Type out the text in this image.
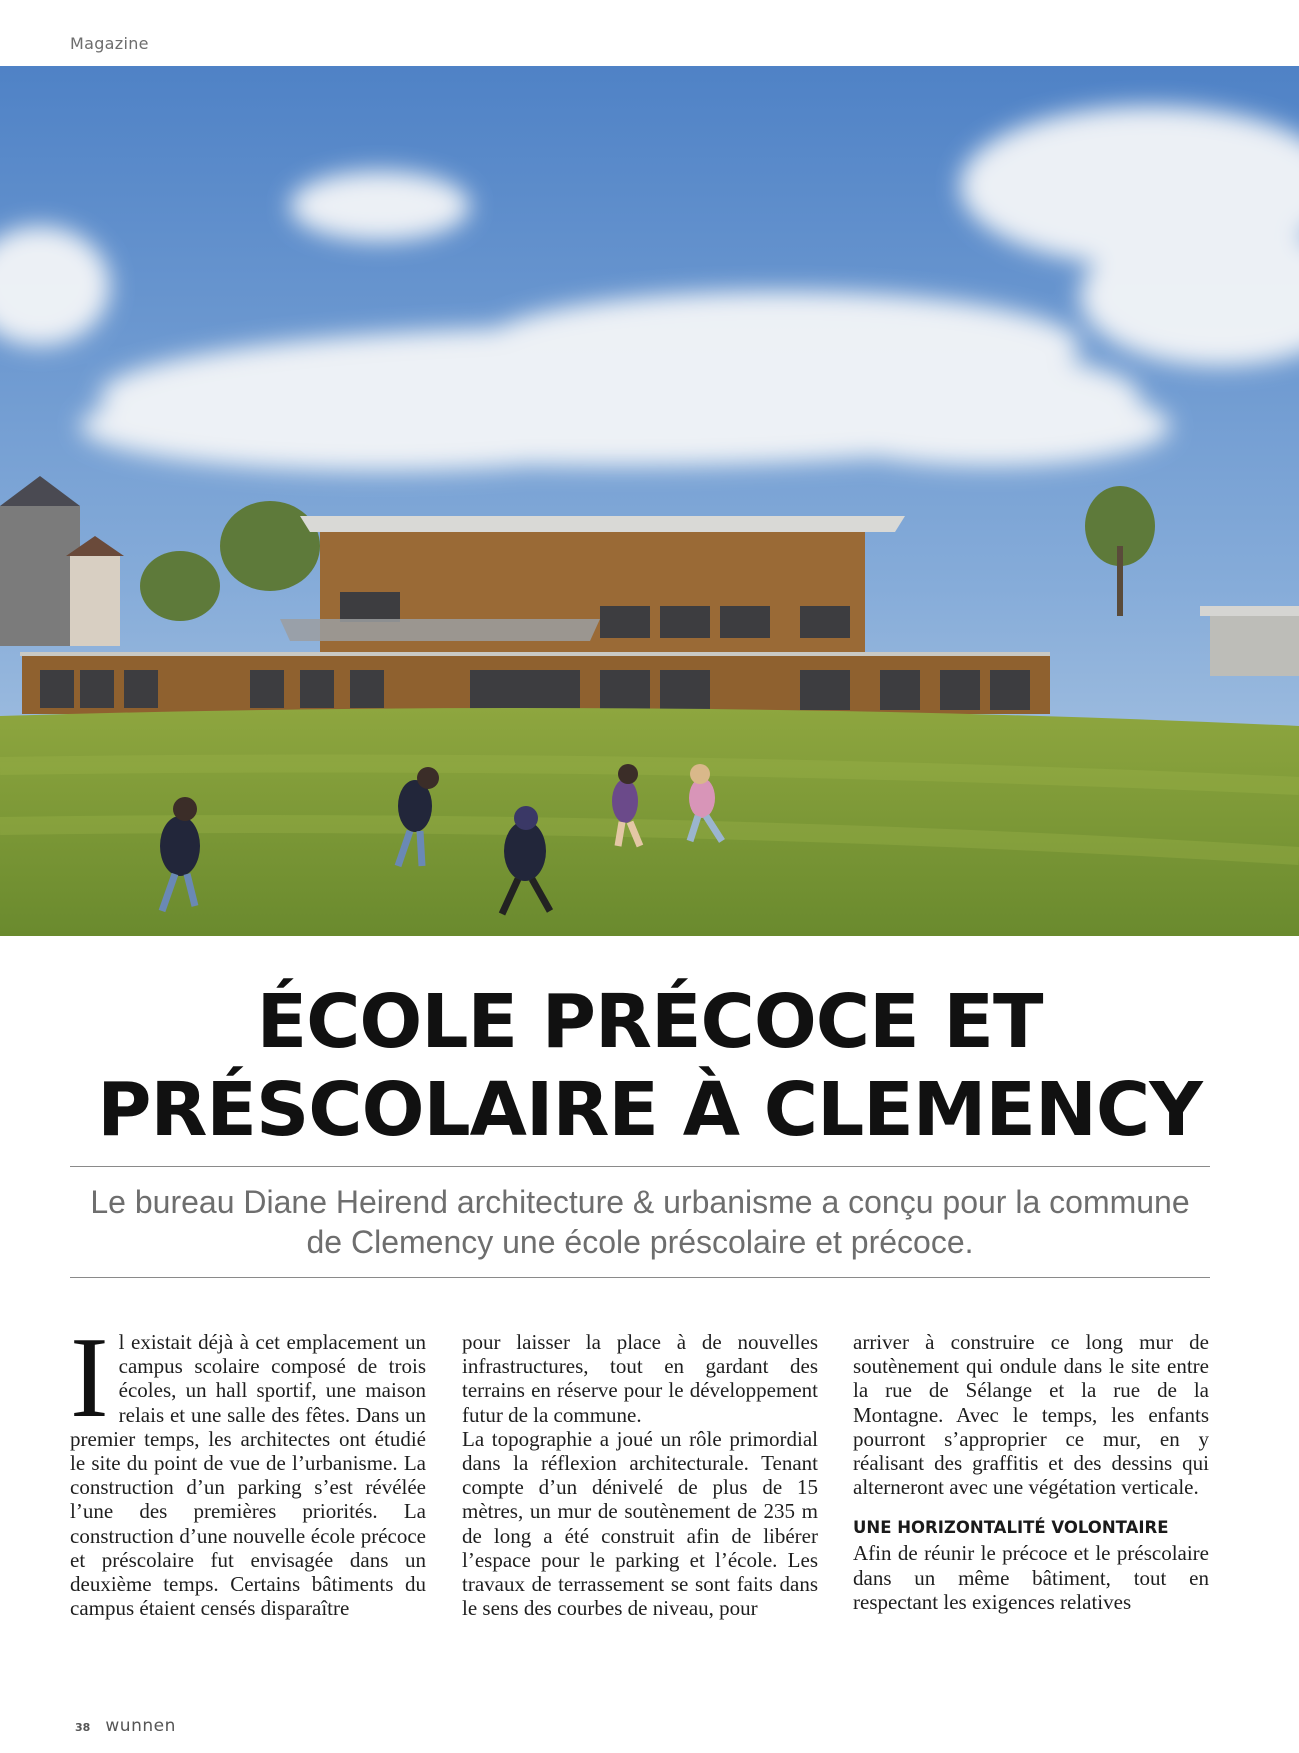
Magazine
ÉCOLE PRÉCOCE ET
PRÉSCOLAIRE À CLEMENCY
Le bureau Diane Heirend architecture & urbanisme a conçu pour la commune de Clemency une école préscolaire et précoce.
I l existait déjà à cet emplacement un campus scolaire composé de trois écoles, un hall sportif, une maison relais et une salle des fêtes. Dans un premier temps, les architectes ont étudié le site du point de vue de l’urbanisme. La construction d’un parking s’est révélée l’une des premières priorités. La construction d’une nouvelle école précoce et préscolaire fut envisagée dans un deuxième temps. Certains bâtiments du campus étaient censés disparaître

pour laisser la place à de nouvelles infrastructures, tout en gardant des terrains en réserve pour le développement futur de la commune.

La topographie a joué un rôle primordial dans la réflexion architecturale. Tenant compte d’un dénivelé de plus de 15 mètres, un mur de soutènement de 235 m de long a été construit afin de libérer l’espace pour le parking et l’école. Les travaux de terrassement se sont faits dans le sens des courbes de niveau, pour

arriver à construire ce long mur de soutènement qui ondule dans le site entre la rue de Sélange et la rue de la Montagne. Avec le temps, les enfants pourront s’approprier ce mur, en y réalisant des graffitis et des dessins qui alterneront avec une végétation verticale.

UNE HORIZONTALITÉ VOLONTAIRE

Afin de réunir le précoce et le préscolaire dans un même bâtiment, tout en respectant les exigences relatives

38 wunnen
